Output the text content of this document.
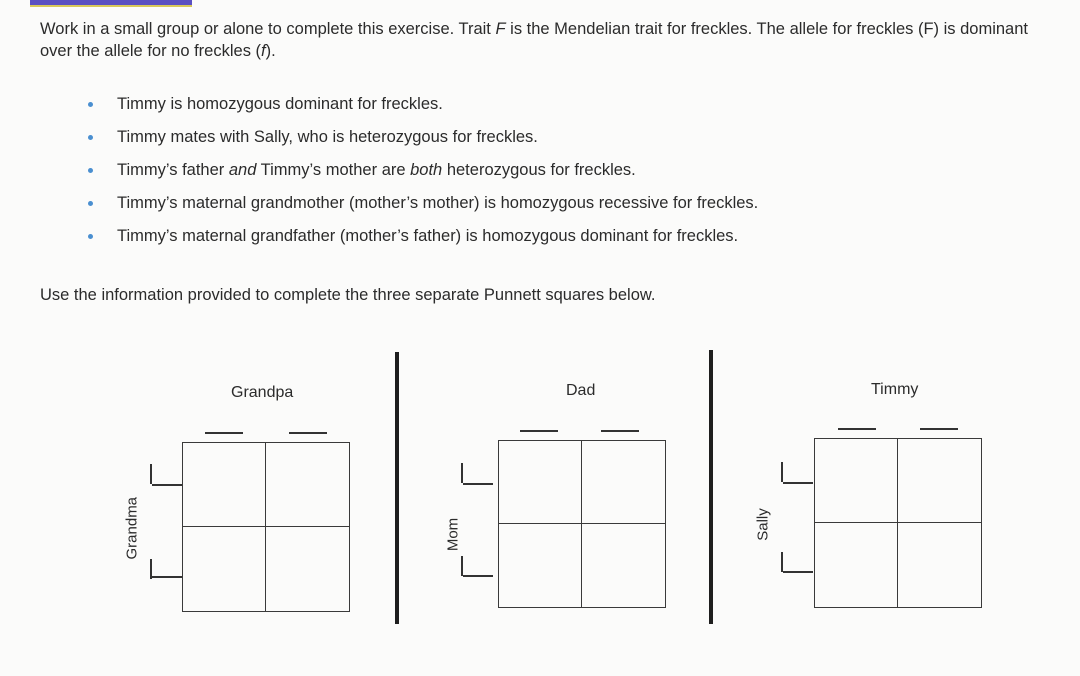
Work in a small group or alone to complete this exercise. Trait F is the Mendelian trait for freckles. The allele for freckles (F) is dominant over the allele for no freckles (f).

Timmy is homozygous dominant for freckles.
Timmy mates with Sally, who is heterozygous for freckles.
Timmy’s father and Timmy’s mother are both heterozygous for freckles.
Timmy’s maternal grandmother (mother’s mother) is homozygous recessive for freckles.
Timmy’s maternal grandfather (mother’s father) is homozygous dominant for freckles.

Use the information provided to complete the three separate Punnett squares below.

Grandpa
Grandma
Dad
Mom
Timmy
Sally
